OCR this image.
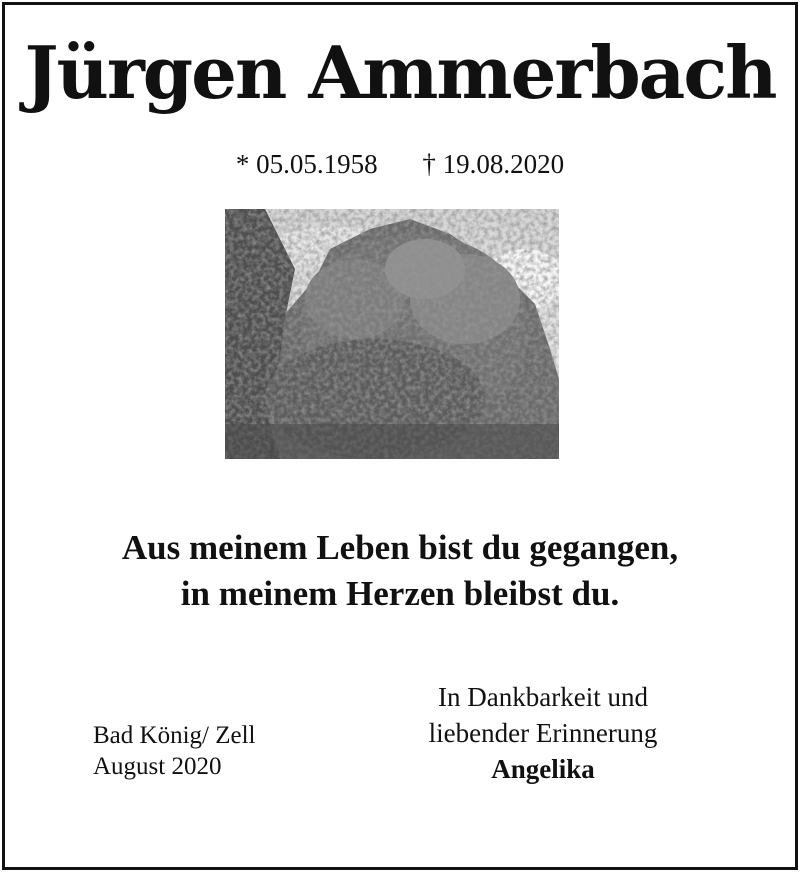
Jürgen Ammerbach
* 05.05.1958 † 19.08.2020
Aus meinem Leben bist du gegangen,
in meinem Herzen bleibst du.
Bad König/ Zell
August 2020
In Dankbarkeit und
liebender Erinnerung
Angelika
